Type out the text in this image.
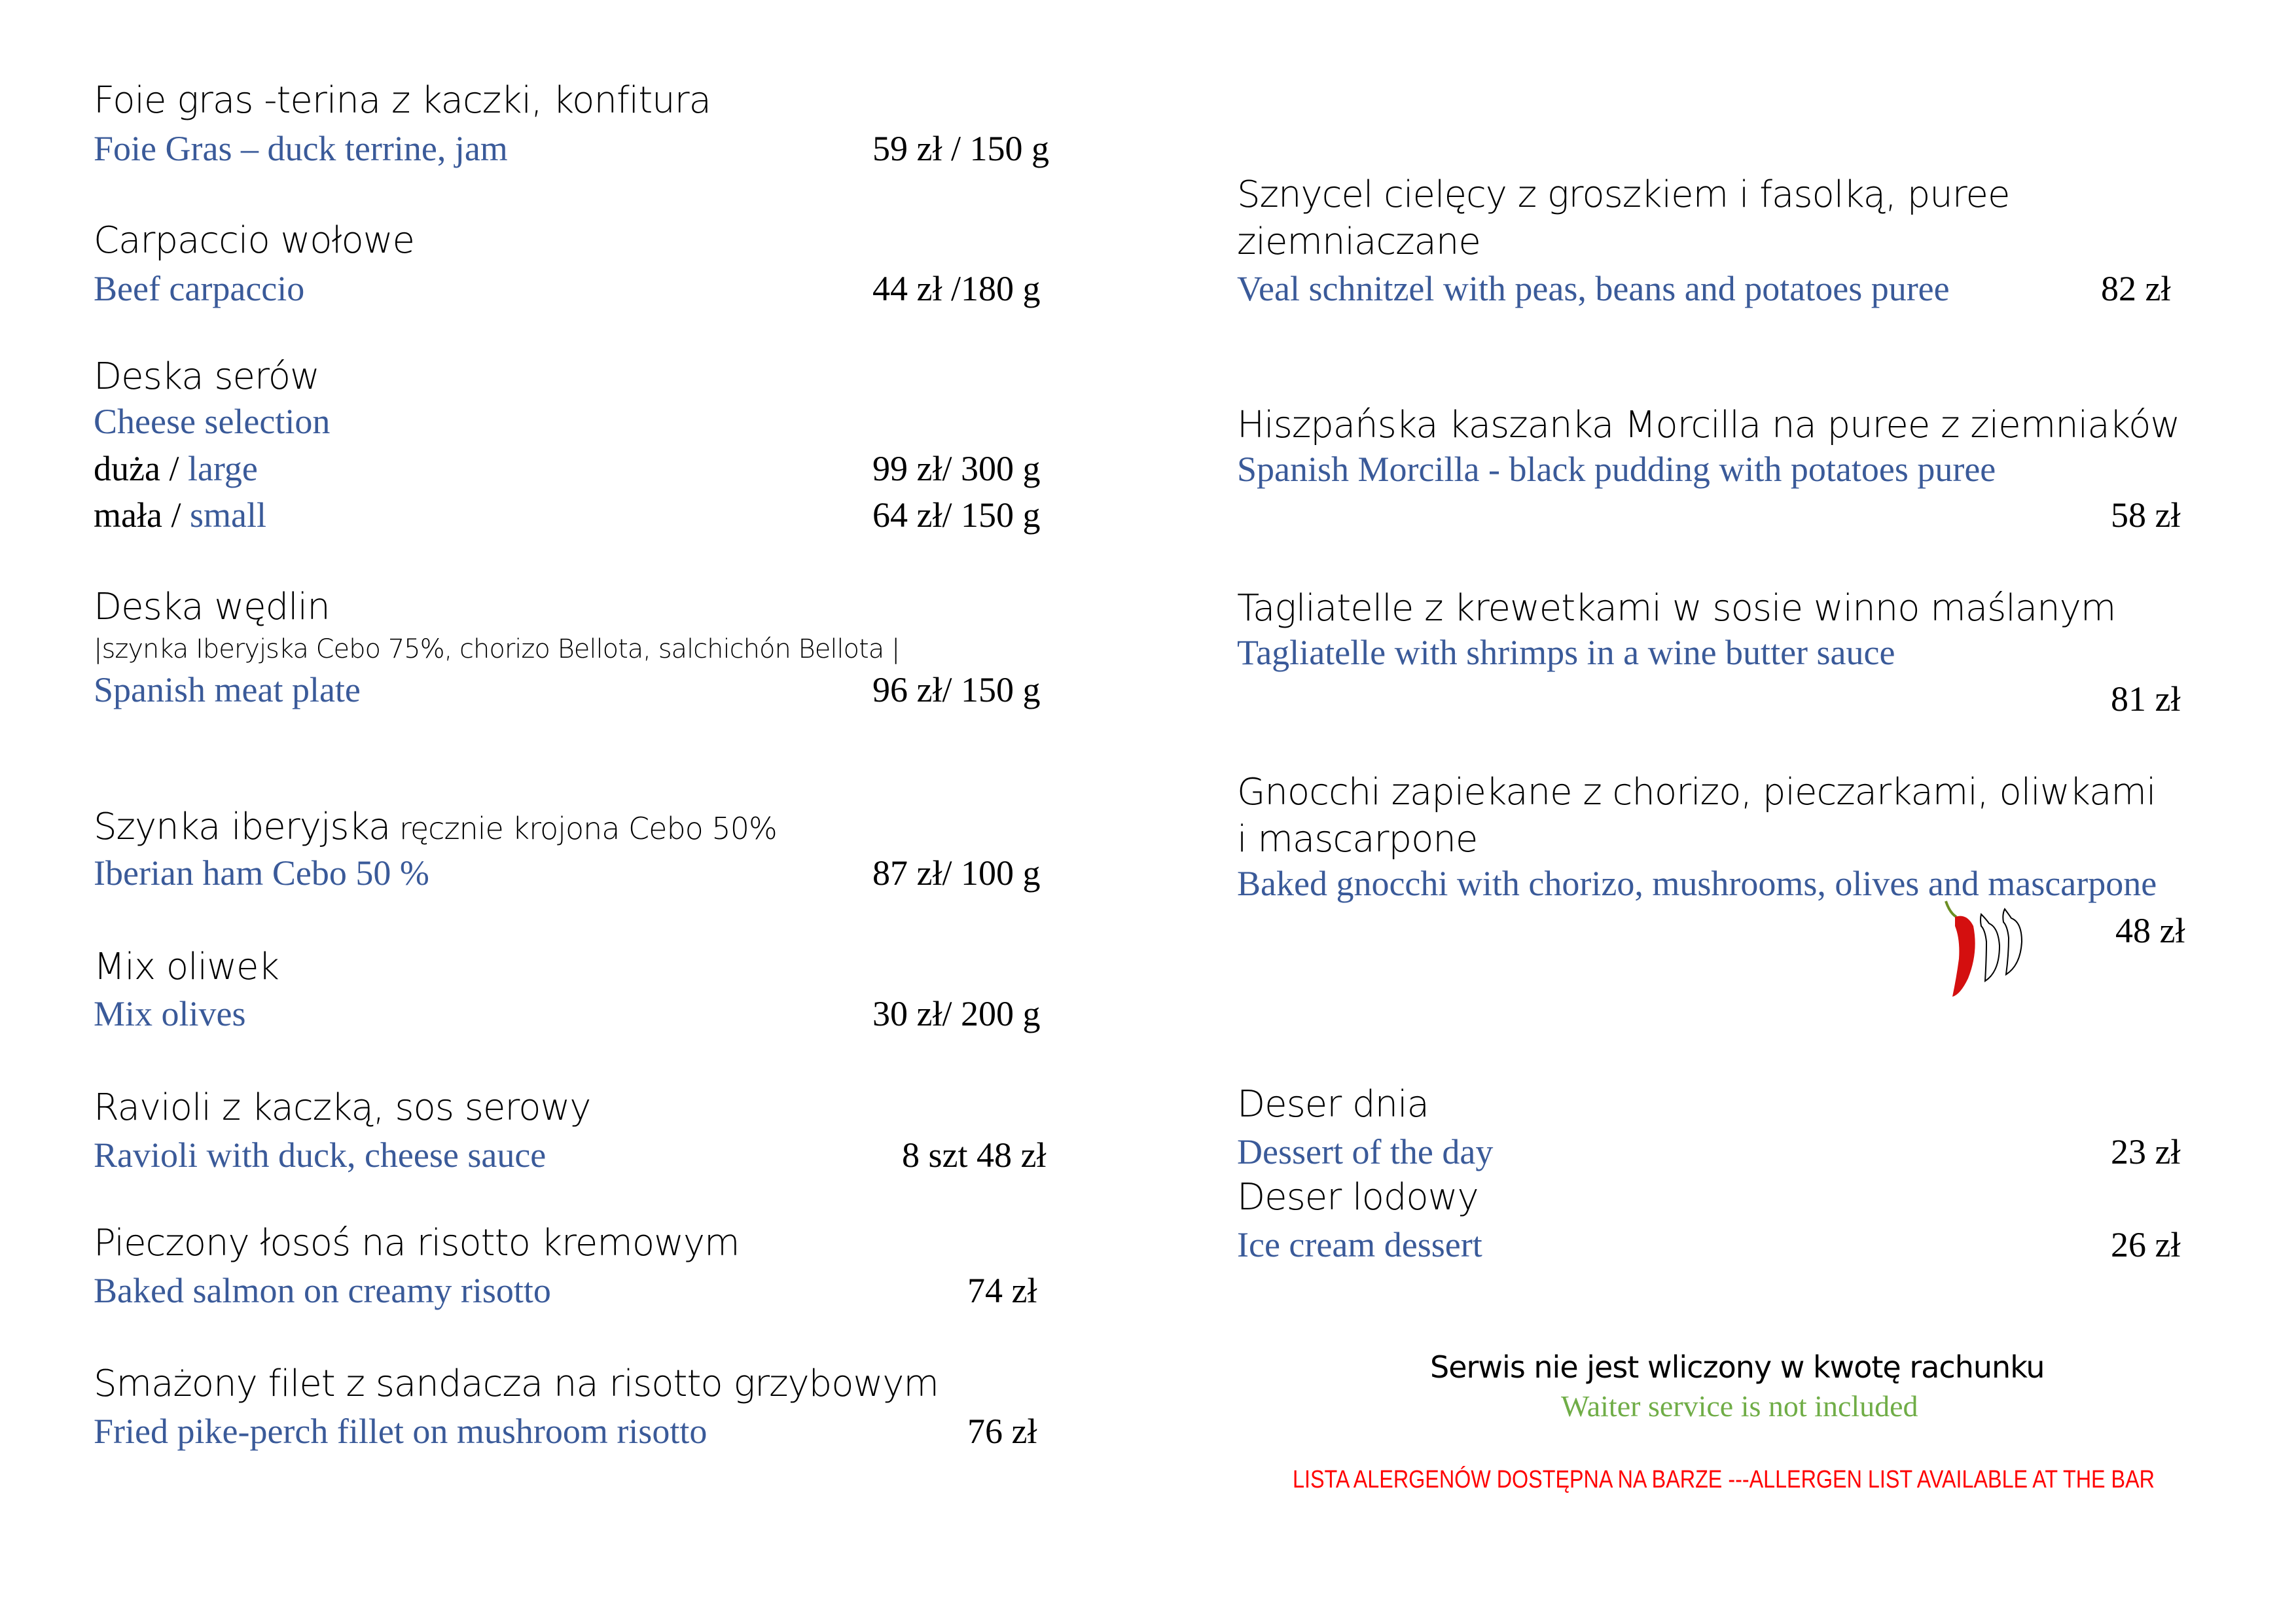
Foie gras -terina z kaczki, konfitura
Foie Gras – duck terrine, jam	59 zł / 150 g
Carpaccio wołowe
Beef carpaccio	44 zł /180 g
Deska serów
Cheese selection
duża / large	99 zł/ 300 g
mała / small	64 zł/ 150 g
Deska wędlin
|szynka Iberyjska Cebo 75%, chorizo Bellota, salchichón Bellota |
Spanish meat plate	96 zł/ 150 g
Szynka iberyjska ręcznie krojona Cebo 50%
Iberian ham Cebo 50 %	87 zł/ 100 g
Mix oliwek
Mix olives	30 zł/ 200 g
Ravioli z kaczką, sos serowy
Ravioli with duck, cheese sauce	8 szt 48 zł
Pieczony łosoś na risotto kremowym
Baked salmon on creamy risotto	74 zł
Smażony filet z sandacza na risotto grzybowym
Fried pike-perch fillet on mushroom risotto	76 zł
Sznycel cielęcy z groszkiem i fasolką, puree
ziemniaczane
Veal schnitzel with peas, beans and potatoes puree	82 zł
Hiszpańska kaszanka Morcilla na puree z ziemniaków
Spanish Morcilla - black pudding with potatoes puree
58 zł
Tagliatelle z krewetkami w sosie winno maślanym
Tagliatelle with shrimps in a wine butter sauce
81 zł
Gnocchi zapiekane z chorizo, pieczarkami, oliwkami
i mascarpone
Baked gnocchi with chorizo, mushrooms, olives and mascarpone
48 zł
Deser dnia
Dessert of the day	23 zł
Deser lodowy
Ice cream dessert	26 zł
Serwis nie jest wliczony w kwotę rachunku
Waiter service is not included
LISTA ALERGENÓW DOSTĘPNA NA BARZE ---ALLERGEN LIST AVAILABLE AT THE BAR
